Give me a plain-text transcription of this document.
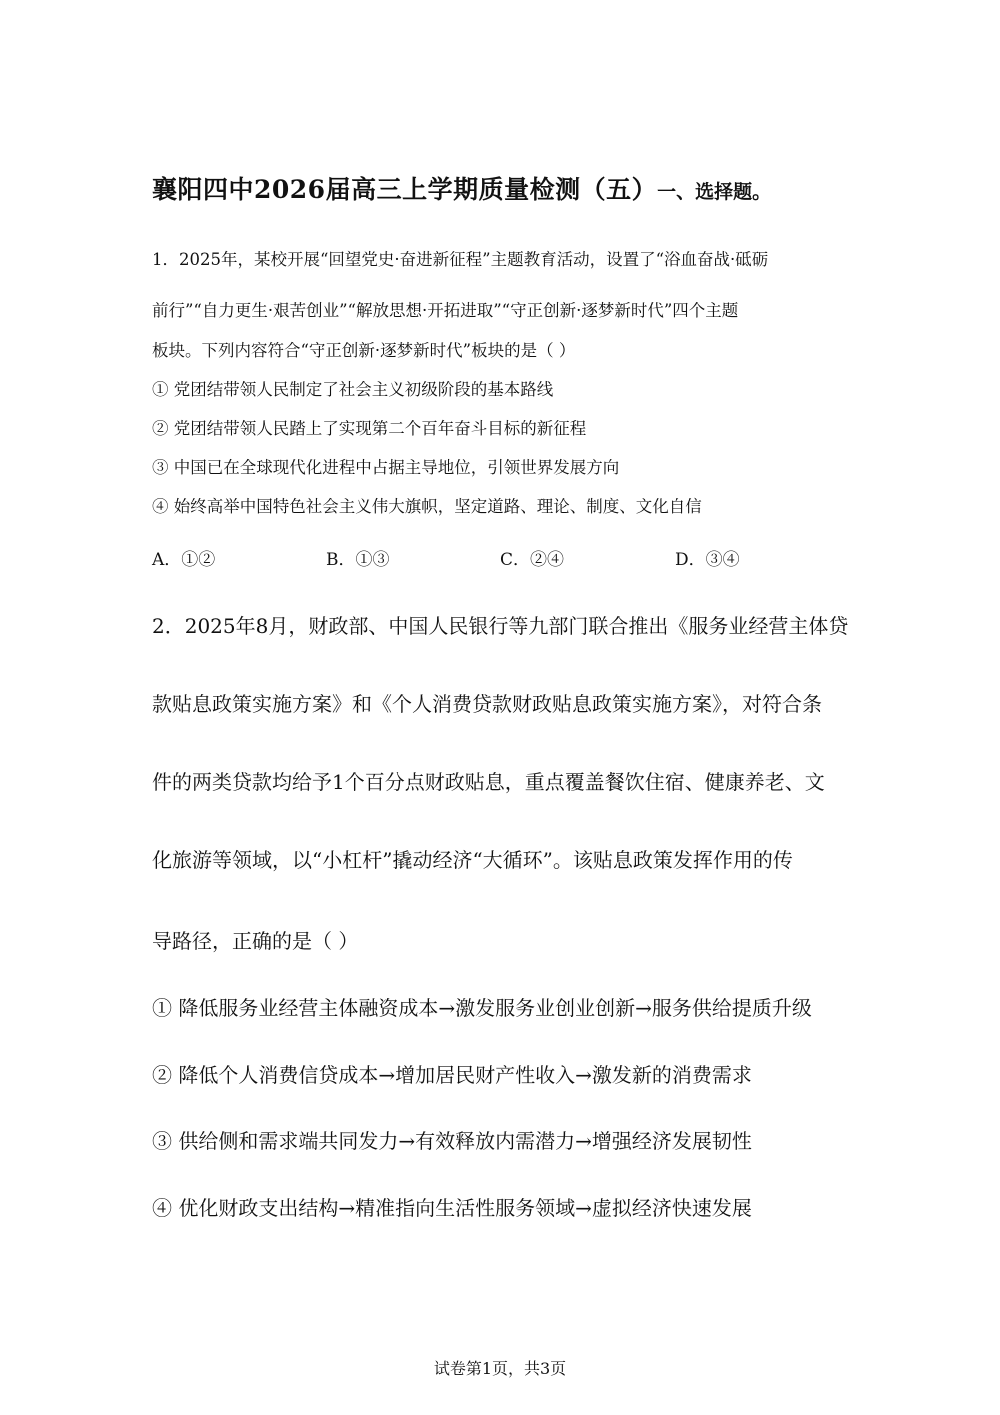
襄阳四中2026届高三上学期质量检测（五）一、选择题。
1．2025年，某校开展“回望党史·奋进新征程”主题教育活动，设置了“浴血奋战·砥砺
前行”“自力更生·艰苦创业”“解放思想·开拓进取”“守正创新·逐梦新时代”四个主题
板块。下列内容符合“守正创新·逐梦新时代”板块的是（ ）
① 党团结带领人民制定了社会主义初级阶段的基本路线
② 党团结带领人民踏上了实现第二个百年奋斗目标的新征程
③ 中国已在全球现代化进程中占据主导地位，引领世界发展方向
④ 始终高举中国特色社会主义伟大旗帜，坚定道路、理论、制度、文化自信
A．①②	B．①③	C．②④	D．③④
2．2025年8月，财政部、中国人民银行等九部门联合推出《服务业经营主体贷
款贴息政策实施方案》和《个人消费贷款财政贴息政策实施方案》，对符合条
件的两类贷款均给予1个百分点财政贴息，重点覆盖餐饮住宿、健康养老、文
化旅游等领域，以“小杠杆”撬动经济“大循环”。该贴息政策发挥作用的传
导路径，正确的是（ ）
① 降低服务业经营主体融资成本→激发服务业创业创新→服务供给提质升级
② 降低个人消费信贷成本→增加居民财产性收入→激发新的消费需求
③ 供给侧和需求端共同发力→有效释放内需潜力→增强经济发展韧性
④ 优化财政支出结构→精准指向生活性服务领域→虚拟经济快速发展
试卷第1页，共3页
